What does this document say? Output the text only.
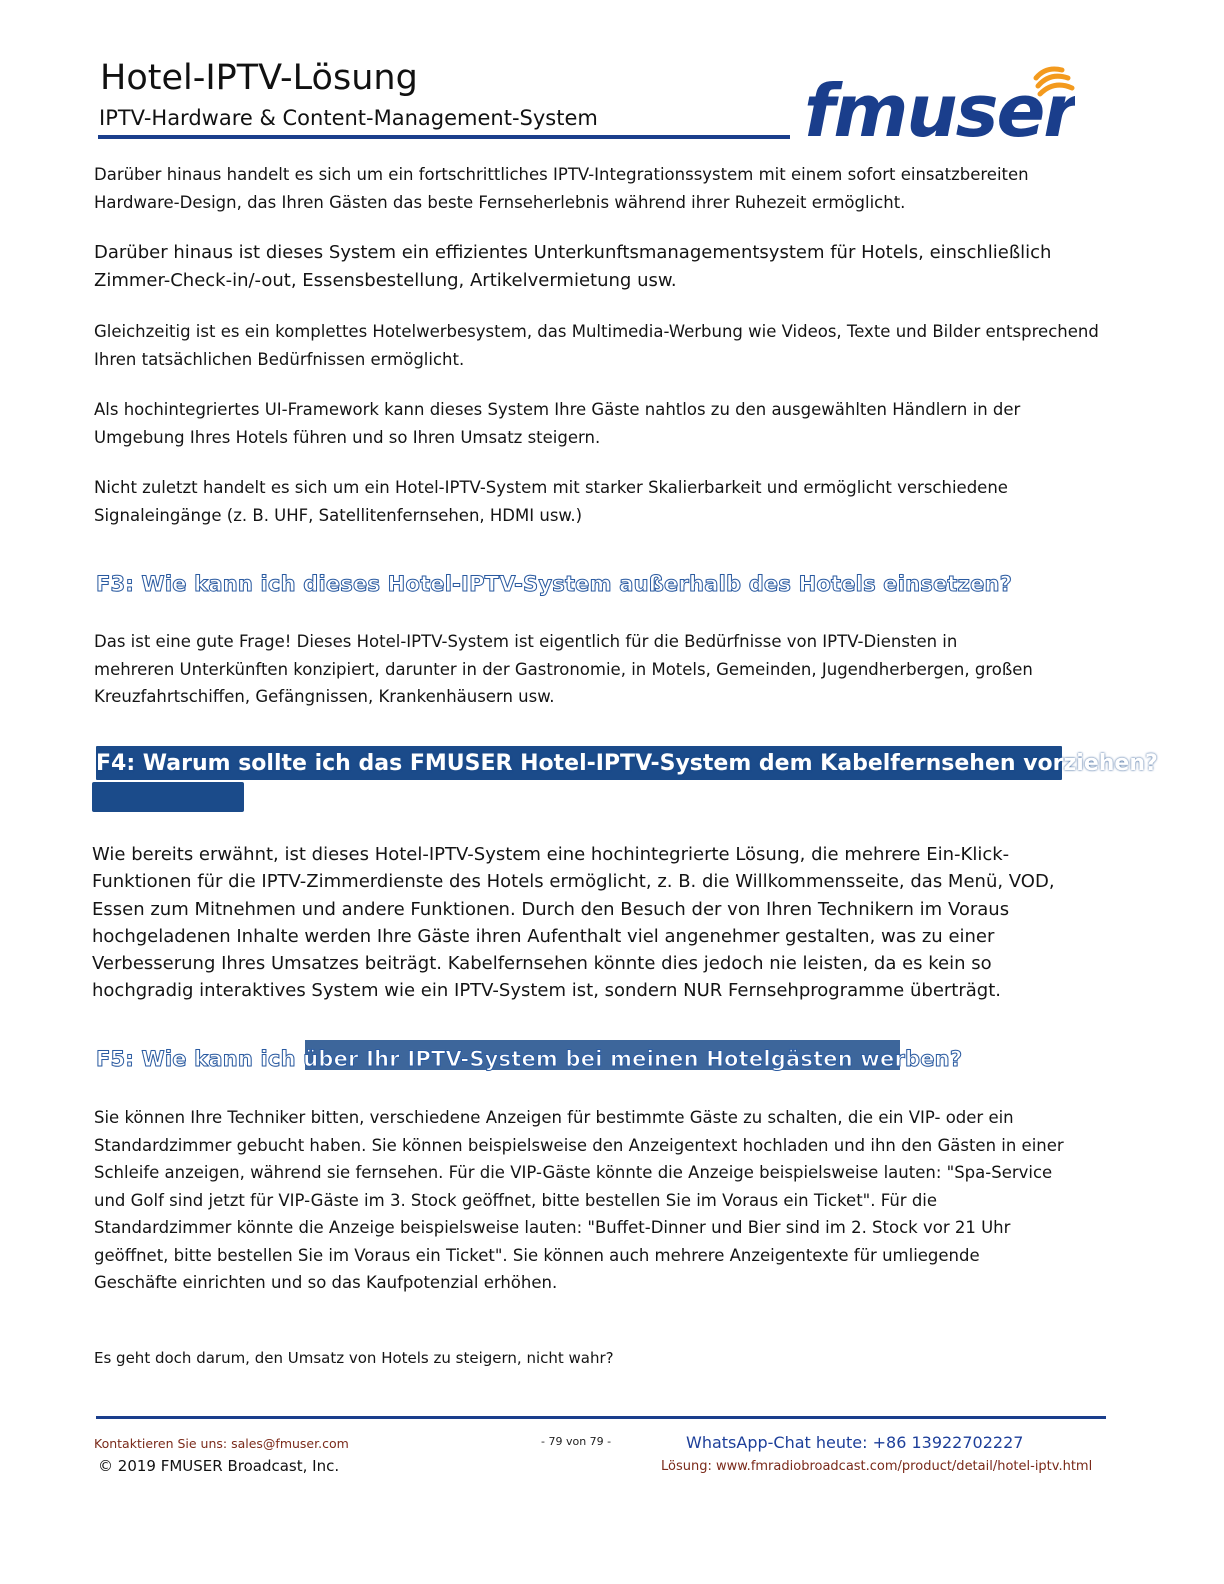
Hotel-IPTV-Lösung
IPTV-Hardware & Content-Management-System	fmuser

Darüber hinaus handelt es sich um ein fortschrittliches IPTV-Integrationssystem mit einem sofort einsatzbereiten Hardware-Design, das Ihren Gästen das beste Fernseherlebnis während ihrer Ruhezeit ermöglicht.

Darüber hinaus ist dieses System ein effizientes Unterkunftsmanagementsystem für Hotels, einschließlich Zimmer-Check-in/-out, Essensbestellung, Artikelvermietung usw.

Gleichzeitig ist es ein komplettes Hotelwerbesystem, das Multimedia-Werbung wie Videos, Texte und Bilder entsprechend Ihren tatsächlichen Bedürfnissen ermöglicht.

Als hochintegriertes UI-Framework kann dieses System Ihre Gäste nahtlos zu den ausgewählten Händlern in der Umgebung Ihres Hotels führen und so Ihren Umsatz steigern.

Nicht zuletzt handelt es sich um ein Hotel-IPTV-System mit starker Skalierbarkeit und ermöglicht verschiedene Signaleingänge (z. B. UHF, Satellitenfernsehen, HDMI usw.)

F3: Wie kann ich dieses Hotel-IPTV-System außerhalb des Hotels einsetzen?

Das ist eine gute Frage! Dieses Hotel-IPTV-System ist eigentlich für die Bedürfnisse von IPTV-Diensten in mehreren Unterkünften konzipiert, darunter in der Gastronomie, in Motels, Gemeinden, Jugendherbergen, großen Kreuzfahrtschiffen, Gefängnissen, Krankenhäusern usw.

F4: Warum sollte ich das FMUSER Hotel-IPTV-System dem Kabelfernsehen vorziehen?

Wie bereits erwähnt, ist dieses Hotel-IPTV-System eine hochintegrierte Lösung, die mehrere Ein-Klick-Funktionen für die IPTV-Zimmerdienste des Hotels ermöglicht, z. B. die Willkommensseite, das Menü, VOD, Essen zum Mitnehmen und andere Funktionen. Durch den Besuch der von Ihren Technikern im Voraus hochgeladenen Inhalte werden Ihre Gäste ihren Aufenthalt viel angenehmer gestalten, was zu einer Verbesserung Ihres Umsatzes beiträgt. Kabelfernsehen könnte dies jedoch nie leisten, da es kein so hochgradig interaktives System wie ein IPTV-System ist, sondern NUR Fernsehprogramme überträgt.

F5: Wie kann ich über Ihr IPTV-System bei meinen Hotelgästen werben?

Sie können Ihre Techniker bitten, verschiedene Anzeigen für bestimmte Gäste zu schalten, die ein VIP- oder ein Standardzimmer gebucht haben. Sie können beispielsweise den Anzeigentext hochladen und ihn den Gästen in einer Schleife anzeigen, während sie fernsehen. Für die VIP-Gäste könnte die Anzeige beispielsweise lauten: "Spa-Service und Golf sind jetzt für VIP-Gäste im 3. Stock geöffnet, bitte bestellen Sie im Voraus ein Ticket". Für die Standardzimmer könnte die Anzeige beispielsweise lauten: "Buffet-Dinner und Bier sind im 2. Stock vor 21 Uhr geöffnet, bitte bestellen Sie im Voraus ein Ticket". Sie können auch mehrere Anzeigentexte für umliegende Geschäfte einrichten und so das Kaufpotenzial erhöhen.

Es geht doch darum, den Umsatz von Hotels zu steigern, nicht wahr?

Kontaktieren Sie uns: sales@fmuser.com
© 2019 FMUSER Broadcast, Inc.
- 79 von 79 -	WhatsApp-Chat heute: +86 13922702227
Lösung: www.fmradiobroadcast.com/product/detail/hotel-iptv.html
